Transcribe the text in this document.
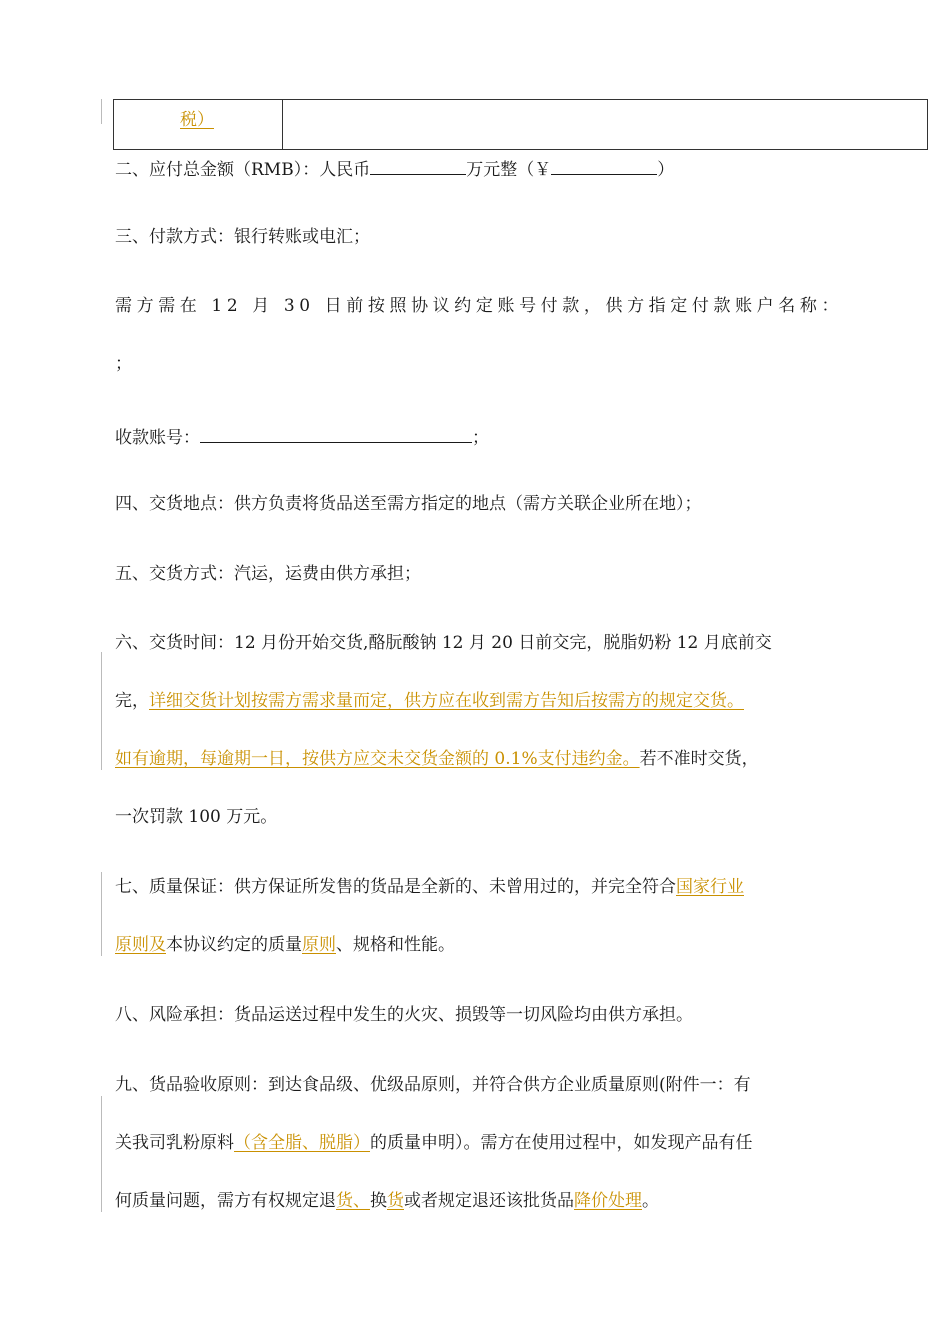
税）
二、应付总金额（RMB）：人民币	万元整（￥	）
三、付款方式：银行转账或电汇；
需方需在 12 月 30 日前按照协议约定账号付款，供方指定付款账户名称：
；
收款账号：	；
四、交货地点：供方负责将货品送至需方指定的地点（需方关联企业所在地）；
五、交货方式：汽运，运费由供方承担；
六、交货时间：12 月份开始交货,酪朊酸钠 12 月 20 日前交完，脱脂奶粉 12 月底前交
完，详细交货计划按需方需求量而定，供方应在收到需方告知后按需方的规定交货。
如有逾期，每逾期一日，按供方应交未交货金额的 0.1%支付违约金。若不准时交货，
一次罚款 100 万元。
七、质量保证：供方保证所发售的货品是全新的、未曾用过的，并完全符合国家行业
原则及本协议约定的质量原则、规格和性能。
八、风险承担：货品运送过程中发生的火灾、损毁等一切风险均由供方承担。
九、货品验收原则：到达食品级、优级品原则，并符合供方企业质量原则(附件一：有
关我司乳粉原料（含全脂、脱脂）的质量申明）。需方在使用过程中，如发现产品有任
何质量问题，需方有权规定退货、换货或者规定退还该批货品降价处理。
